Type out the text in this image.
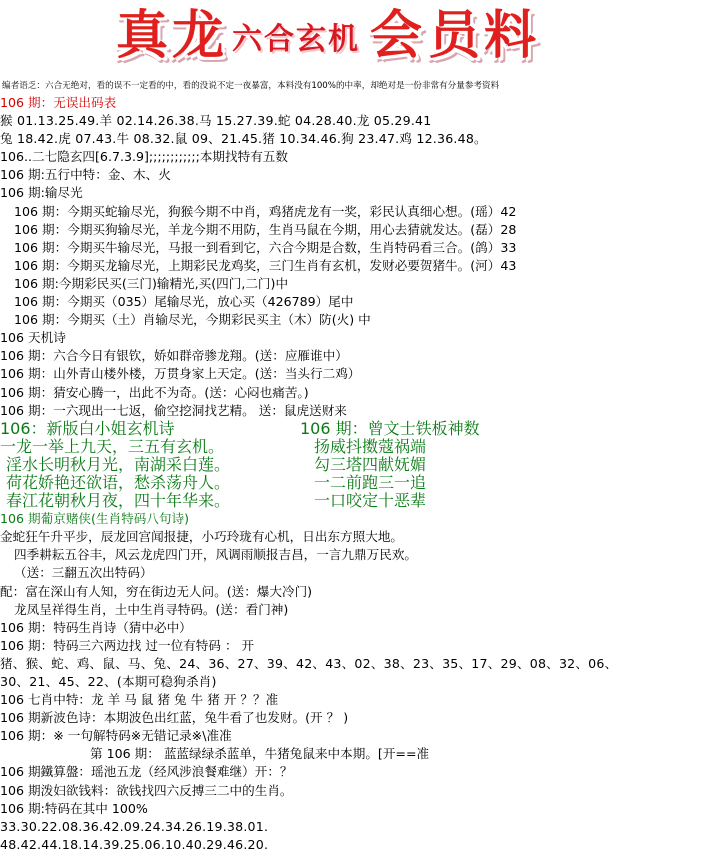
真 龙 六 合 玄 机 会 员 料
编者语乏：六合无绝对，看的误不一定看的中，看的没说不定一夜暴富，本料没有100%的中率，却绝对是一份非常有分量参考资料
106 期：无误出码表
猴 01.13.25.49.羊 02.14.26.38.马 15.27.39.蛇 04.28.40.龙 05.29.41
兔 18.42.虎 07.43.牛 08.32.鼠 09、21.45.猪 10.34.46.狗 23.47.鸡 12.36.48。
106..二七隐玄四[6.7.3.9];;;;;;;;;;;;本期找特有五数
106 期:五行中特：金、木、火
106 期:输尽光
106 期：今期买蛇输尽光，狗猴今期不中肖，鸡猪虎龙有一奖，彩民认真细心想。(瑶）42
106 期：今期买狗输尽光，羊龙今期不用防，生肖马鼠在今期，用心去猜就发达。(磊）28
106 期：今期买牛输尽光，马报一到看到它，六合今期是合数，生肖特码看三合。(鸽）33
106 期：今期买龙输尽光，上期彩民龙鸡奖，三门生肖有玄机，发财必要贺猪牛。(河）43
106 期:今期彩民买(三门)输精光,买(四门,二门)中
106 期：今期买（035）尾输尽光，放心买（426789）尾中
106 期：今期买（土）肖输尽光，今期彩民买主（木）防(火) 中
106 天机诗
106 期：六合今日有银钦，娇如群帝骖龙翔。(送：应雁谁中）
106 期：山外青山楼外楼，万贯身家上天定。(送：当头行二鸡）
106 期：猜安心腾一，出此不为奇。(送：心闷也痛苦。)
106 期：一六现出一七返，偷空挖洞找艺精。 送：鼠虎送财来
106：新版白小姐玄机诗	106 期：曾文士铁板神数
一龙一举上九天，三五有玄机。	扬威抖擞蔻祸端
淫水长明秋月光，南湖采白莲。	勾三塔四献妩媚
荷花娇艳还欲语，愁杀荡舟人。	一二前跑三一追
春江花朝秋月夜，四十年华来。	一口咬定十恶辈
106 期葡京赌侠(生肖特码八句诗)
金蛇狂午升平步，辰龙回宫闻报捷，小巧玲珑有心机，日出东方照大地。
四季耕耘五谷丰，风云龙虎四门开，风调雨顺报吉昌，一言九鼎万民欢。
（送：三翻五次出特码）
配：富在深山有人知，穷在街边无人问。(送：爆大冷门)
龙凤呈祥得生肖，土中生肖寻特码。(送：看门神)
106 期：特码生肖诗（猜中必中）
106 期：特码三六两边找 过一位有特码 ： 开
猪、猴、蛇、鸡、鼠、马、兔、24、36、27、39、42、43、02、38、23、35、17、29、08、32、06、
30、21、45、22、(本期可稳狗杀肖)
106 七肖中特：龙 羊 马 鼠 猪 兔 牛 猪 开 ？？准
106 期新波色诗：本期波色出红蓝，兔牛看了也发财。(开 ？ )
106 期：※ 一句解特码※无错记录※\准准
第 106 期： 蓝蓝绿绿杀蓝单，牛猪兔鼠来中本期。[开==准
106 期鐵算盤：瑶池五龙（经风涉浪餐难继）开：？
106 期泼妇欲钱料：欲钱找四六反搏三二中的生肖。
106 期:特码在其中 100%
33.30.22.08.36.42.09.24.34.26.19.38.01.
48.42.44.18.14.39.25.06.10.40.29.46.20.
